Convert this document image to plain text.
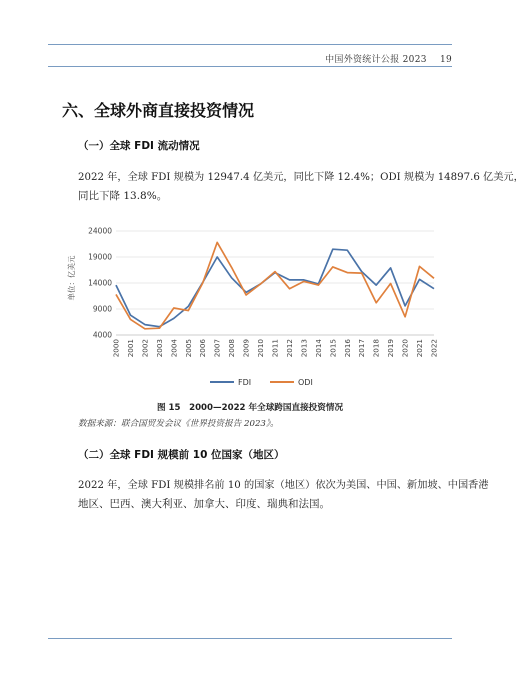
中国外资统计公报 2023 19
六、全球外商直接投资情况
（一）全球 FDI 流动情况
2022 年，全球 FDI 规模为 12947.4 亿美元，同比下降 12.4%；ODI 规模为 14897.6 亿美元，
同比下降 13.8%。
24000
19000
14000
9000
4000
单位：亿美元
2000 2001 2002 2003 2004 2005 2006 2007 2008 2009 2010 2011 2012 2013 2014 2015 2016 2017 2018 2019 2020 2021 2022
FDI	ODI
图 15　2000—2022 年全球跨国直接投资情况
数据来源：联合国贸发会议《世界投资报告 2023》。
（二）全球 FDI 规模前 10 位国家（地区）
2022 年，全球 FDI 规模排名前 10 的国家（地区）依次为美国、中国、新加坡、中国香港
地区、巴西、澳大利亚、加拿大、印度、瑞典和法国。
